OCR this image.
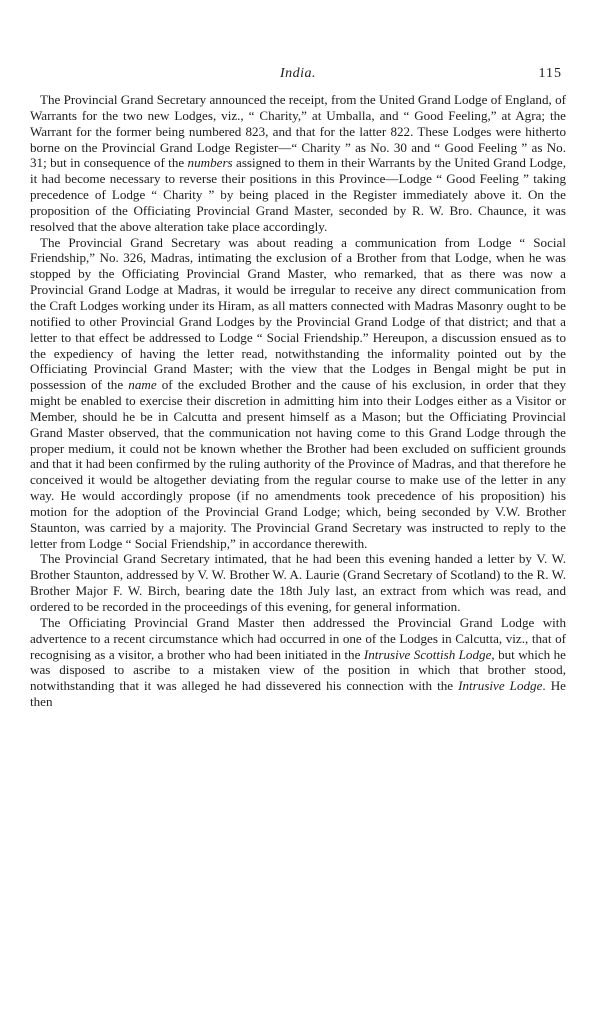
India.	115

The Provincial Grand Secretary announced the receipt, from the United Grand Lodge of England, of Warrants for the two new Lodges, viz., “ Charity,” at Umballa, and “ Good Feeling,” at Agra; the Warrant for the former being numbered 823, and that for the latter 822. These Lodges were hitherto borne on the Provincial Grand Lodge Register—“ Charity ” as No. 30 and “ Good Feeling ” as No. 31; but in consequence of the numbers assigned to them in their Warrants by the United Grand Lodge, it had become necessary to reverse their positions in this Province—Lodge “ Good Feeling ” taking precedence of Lodge “ Charity ” by being placed in the Register immediately above it. On the proposition of the Officiating Provincial Grand Master, seconded by R. W. Bro. Chaunce, it was resolved that the above alteration take place accordingly.

The Provincial Grand Secretary was about reading a communication from Lodge “ Social Friendship,” No. 326, Madras, intimating the exclusion of a Brother from that Lodge, when he was stopped by the Officiating Provincial Grand Master, who remarked, that as there was now a Provincial Grand Lodge at Madras, it would be irregular to receive any direct communication from the Craft Lodges working under its Hiram, as all matters connected with Madras Masonry ought to be notified to other Provincial Grand Lodges by the Provincial Grand Lodge of that district; and that a letter to that effect be addressed to Lodge “ Social Friendship.” Hereupon, a discussion ensued as to the expediency of having the letter read, notwithstanding the informality pointed out by the Officiating Provincial Grand Master; with the view that the Lodges in Bengal might be put in possession of the name of the excluded Brother and the cause of his exclusion, in order that they might be enabled to exercise their discretion in admitting him into their Lodges either as a Visitor or Member, should he be in Calcutta and present himself as a Mason; but the Officiating Provincial Grand Master observed, that the communication not having come to this Grand Lodge through the proper medium, it could not be known whether the Brother had been excluded on sufficient grounds and that it had been confirmed by the ruling authority of the Province of Madras, and that therefore he conceived it would be altogether deviating from the regular course to make use of the letter in any way. He would accordingly propose (if no amendments took precedence of his proposition) his motion for the adoption of the Provincial Grand Lodge; which, being seconded by V.W. Brother Staunton, was carried by a majority. The Provincial Grand Secretary was instructed to reply to the letter from Lodge “ Social Friendship,” in accordance therewith.

The Provincial Grand Secretary intimated, that he had been this evening handed a letter by V. W. Brother Staunton, addressed by V. W. Brother W. A. Laurie (Grand Secretary of Scotland) to the R. W. Brother Major F. W. Birch, bearing date the 18th July last, an extract from which was read, and ordered to be recorded in the proceedings of this evening, for general information.

The Officiating Provincial Grand Master then addressed the Provincial Grand Lodge with advertence to a recent circumstance which had occurred in one of the Lodges in Calcutta, viz., that of recognising as a visitor, a brother who had been initiated in the Intrusive Scottish Lodge, but which he was disposed to ascribe to a mistaken view of the position in which that brother stood, notwithstanding that it was alleged he had dissevered his connection with the Intrusive Lodge. He then
